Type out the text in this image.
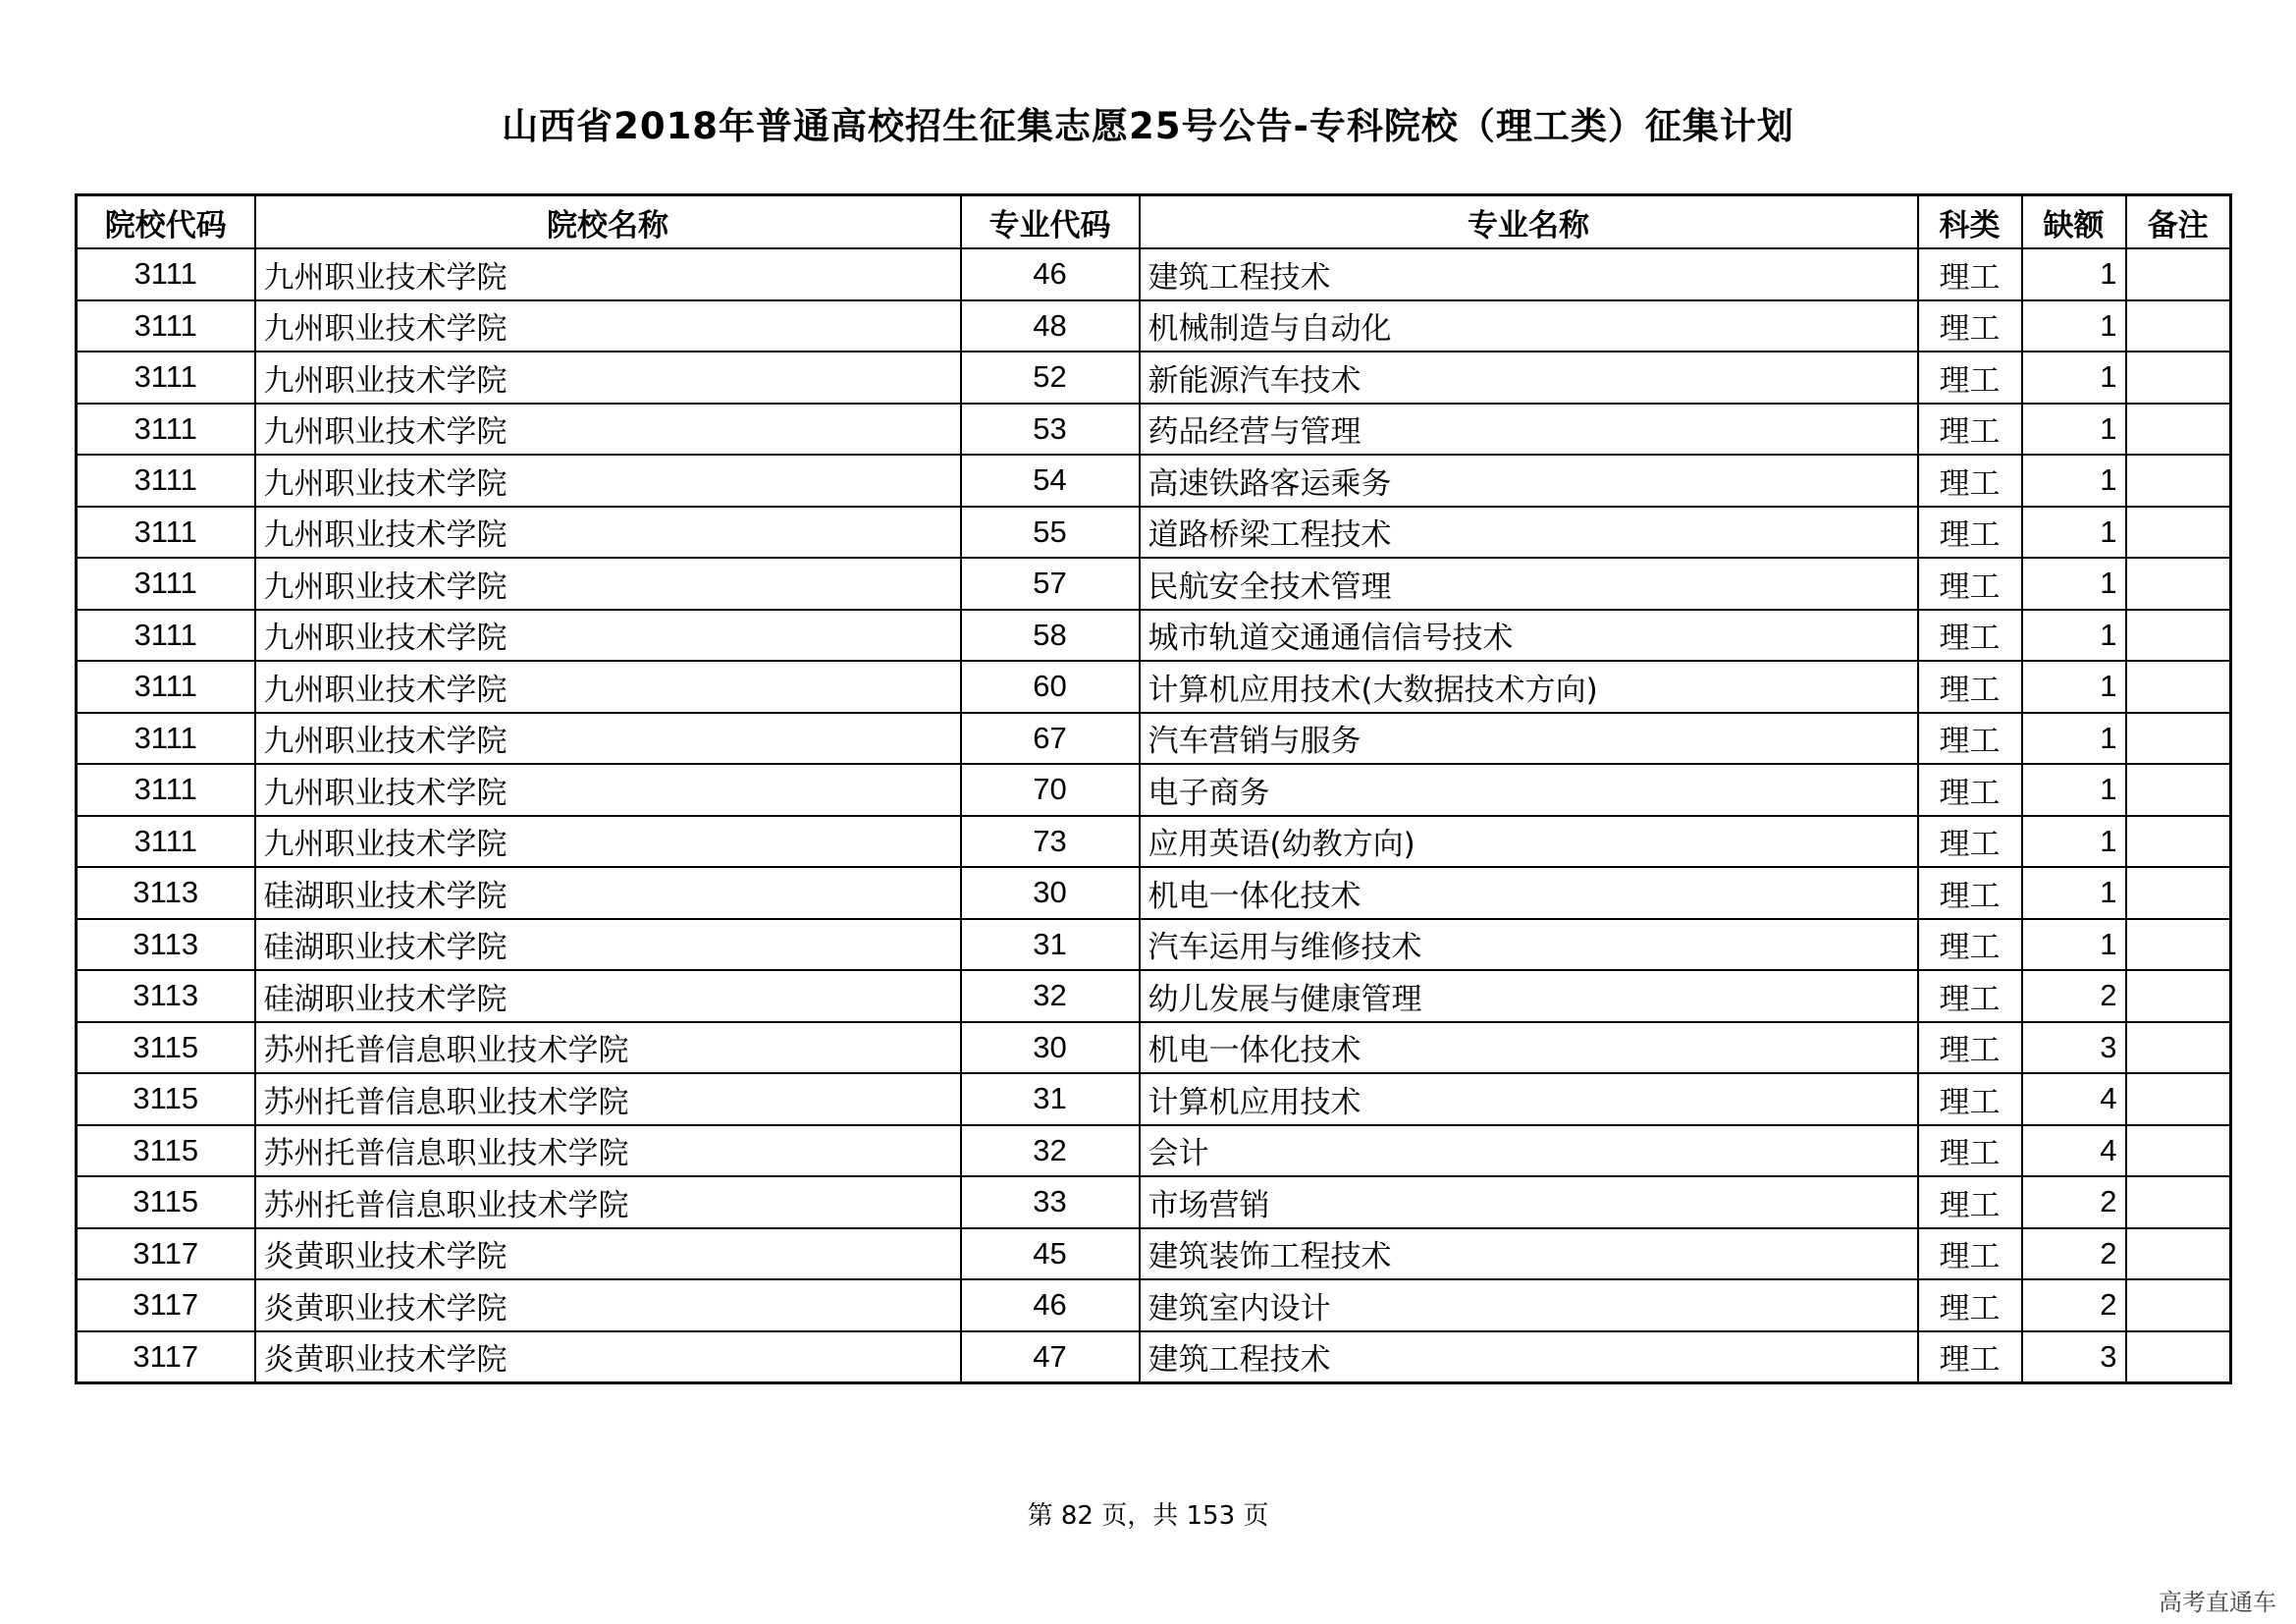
山西省2018年普通高校招生征集志愿25号公告-专科院校（理工类）征集计划
院校代码	院校名称	专业代码	专业名称	科类	缺额	备注
3111	九州职业技术学院	46	建筑工程技术	理工	1	
3111	九州职业技术学院	48	机械制造与自动化	理工	1	
3111	九州职业技术学院	52	新能源汽车技术	理工	1	
3111	九州职业技术学院	53	药品经营与管理	理工	1	
3111	九州职业技术学院	54	高速铁路客运乘务	理工	1	
3111	九州职业技术学院	55	道路桥梁工程技术	理工	1	
3111	九州职业技术学院	57	民航安全技术管理	理工	1	
3111	九州职业技术学院	58	城市轨道交通通信信号技术	理工	1	
3111	九州职业技术学院	60	计算机应用技术(大数据技术方向)	理工	1	
3111	九州职业技术学院	67	汽车营销与服务	理工	1	
3111	九州职业技术学院	70	电子商务	理工	1	
3111	九州职业技术学院	73	应用英语(幼教方向)	理工	1	
3113	硅湖职业技术学院	30	机电一体化技术	理工	1	
3113	硅湖职业技术学院	31	汽车运用与维修技术	理工	1	
3113	硅湖职业技术学院	32	幼儿发展与健康管理	理工	2	
3115	苏州托普信息职业技术学院	30	机电一体化技术	理工	3	
3115	苏州托普信息职业技术学院	31	计算机应用技术	理工	4	
3115	苏州托普信息职业技术学院	32	会计	理工	4	
3115	苏州托普信息职业技术学院	33	市场营销	理工	2	
3117	炎黄职业技术学院	45	建筑装饰工程技术	理工	2	
3117	炎黄职业技术学院	46	建筑室内设计	理工	2	
3117	炎黄职业技术学院	47	建筑工程技术	理工	3	
第 82 页，共 153 页
高考直通车
